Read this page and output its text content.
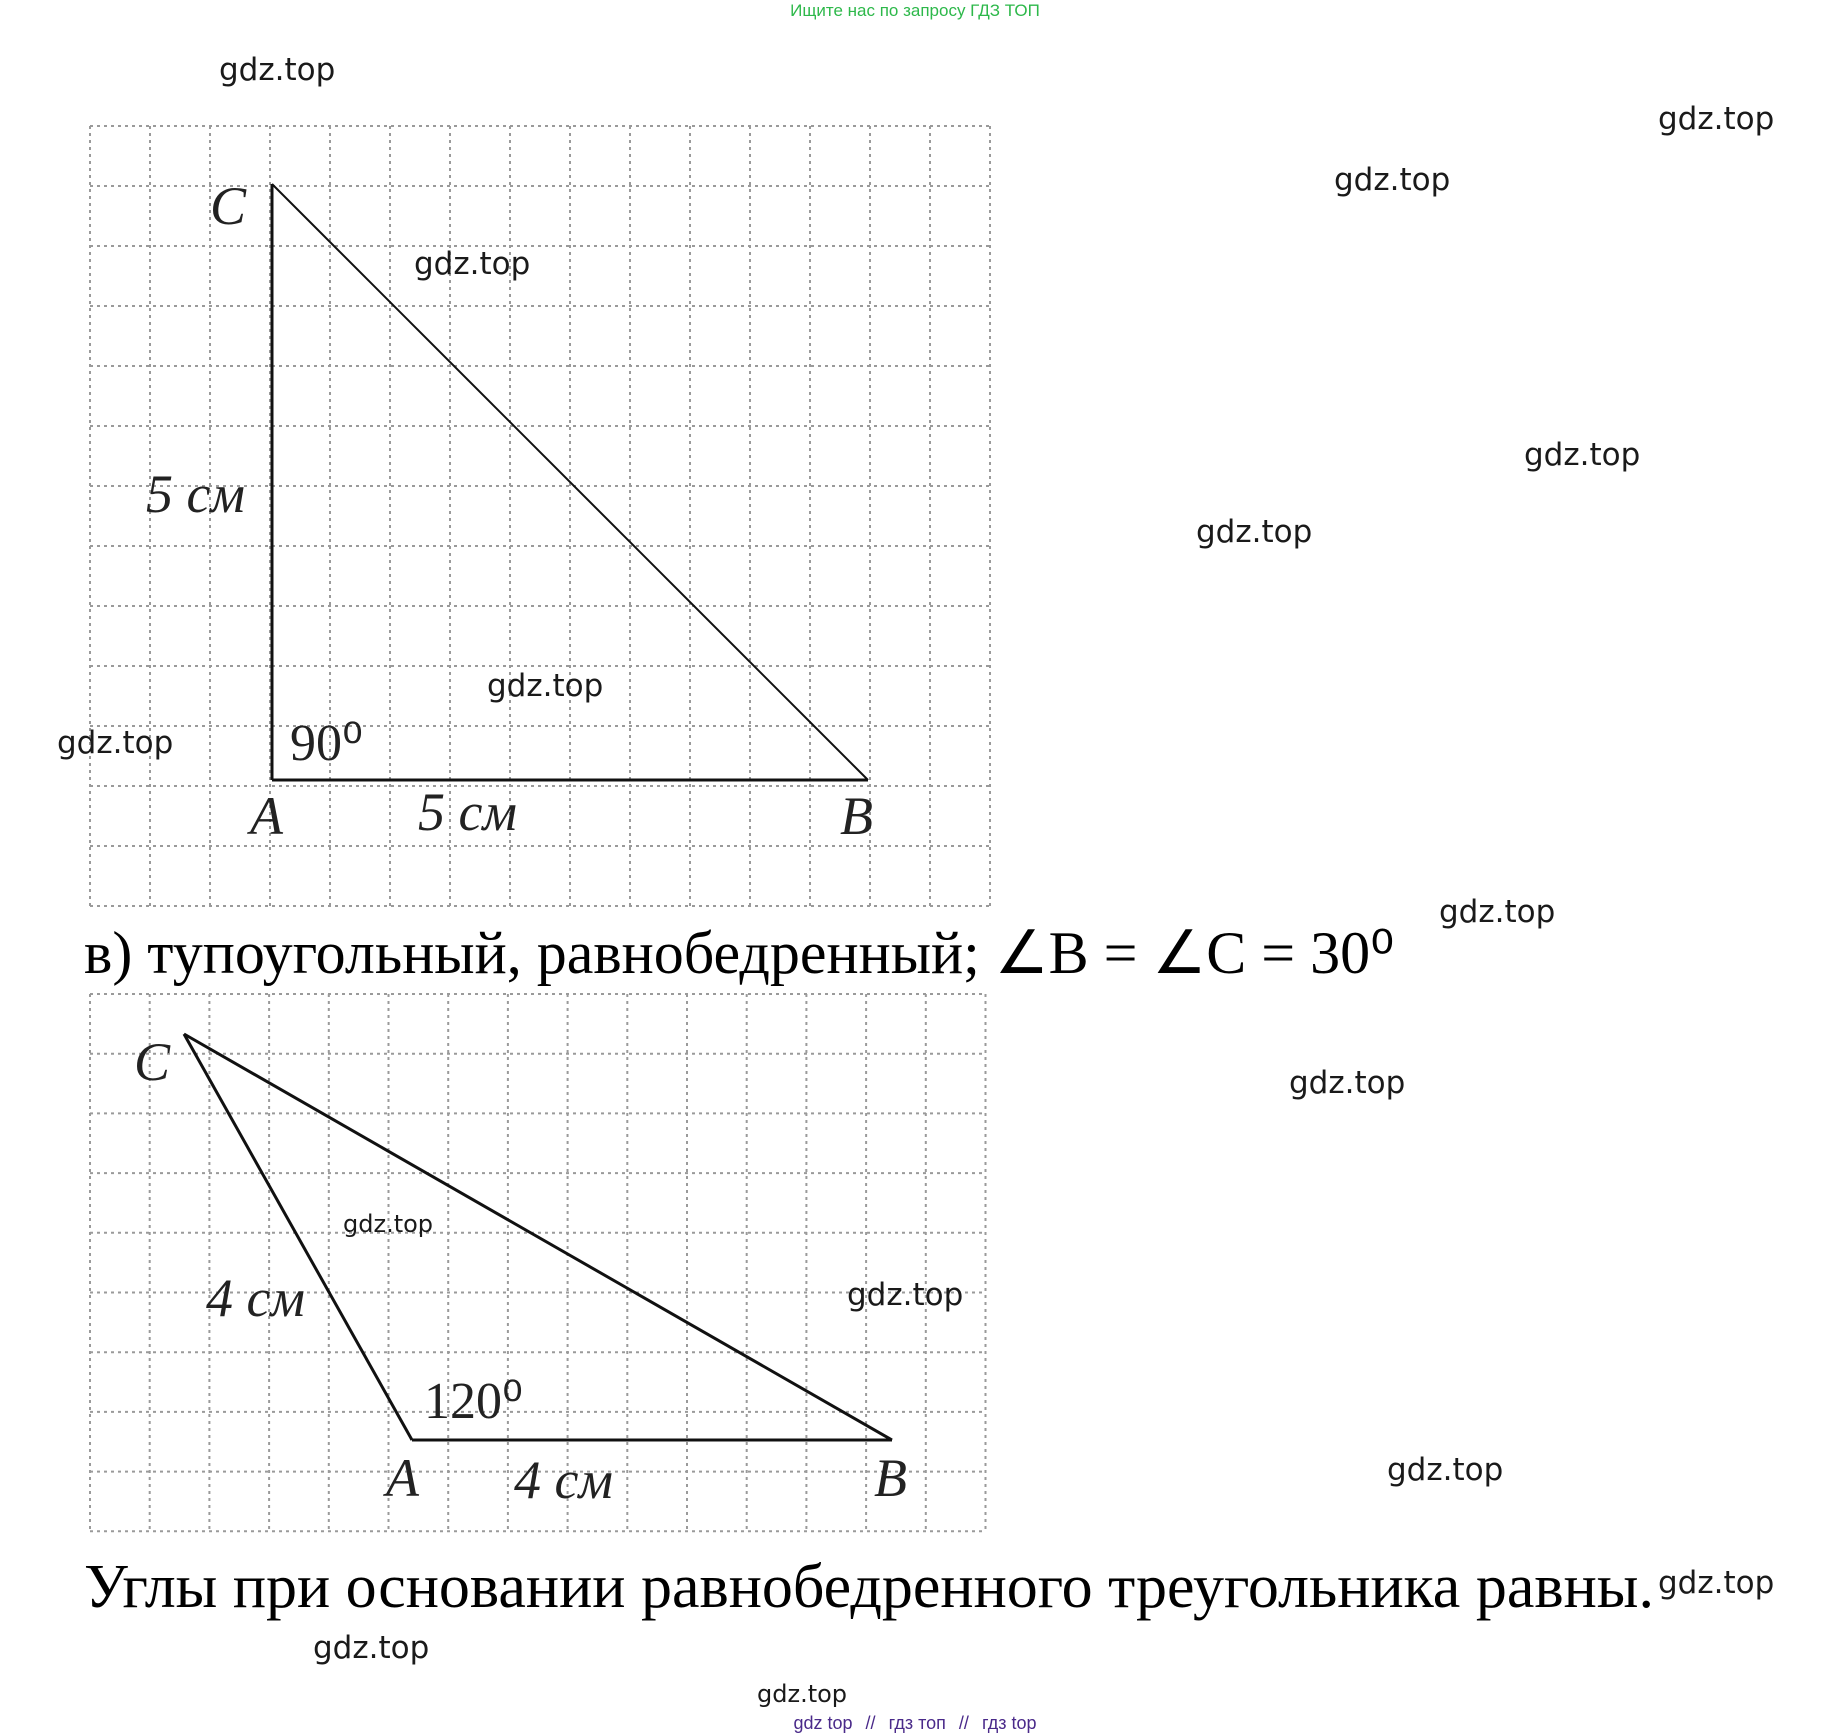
Ищите нас по запросу ГДЗ ТОП
C
A	B
5 см
5 см
90⁰
в) тупоугольный, равнобедренный; ∠B = ∠C = 30⁰
C
A	B
4 см
4 см
120⁰
Углы при основании равнобедренного треугольника равны.
gdz.top
gdz.top
gdz.top
gdz.top
gdz.top
gdz.top
gdz.top
gdz.top
gdz.top
gdz.top
gdz.top
gdz.top
gdz.top
gdz.top
gdz.top
gdz.top
gdz top // гдз топ // гдз top
